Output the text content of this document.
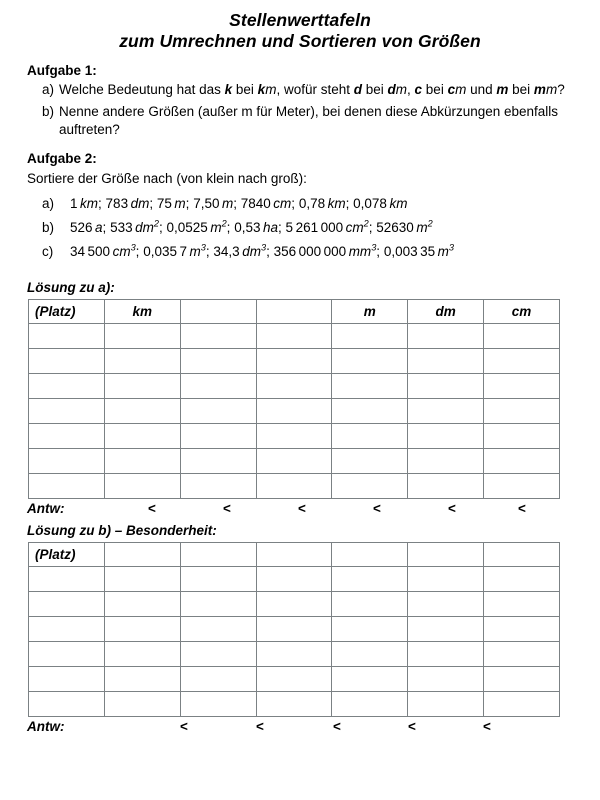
Stellenwerttafeln
zum Umrechnen und Sortieren von Größen
Aufgabe 1:
a) Welche Bedeutung hat das k bei km, wofür steht d bei dm, c bei cm und m bei mm?
b) Nenne andere Größen (außer m für Meter), bei denen diese Abkürzungen ebenfalls auftreten?
Aufgabe 2:
Sortiere der Größe nach (von klein nach groß):
a)	1 km; 783 dm; 75 m; 7,50 m; 7840 cm; 0,78 km; 0,078 km
b)	526 a; 533 $dm^2$; 0,0525 $m^2$; 0,53 ha; 5 261 000 $cm^2$; 52630 $m^2$
c)	34 500 $cm^3$; 0,035 7 $m^3$; 34,3 $dm^3$; 356 000 000 $mm^3$; 0,003 35 $m^3$
Lösung zu a):
(Platz)	km			m	dm	cm

Antw:	<	<	<	<	<	<
Lösung zu b) – Besonderheit:
(Platz)						

Antw:	<	<	<	<	<
